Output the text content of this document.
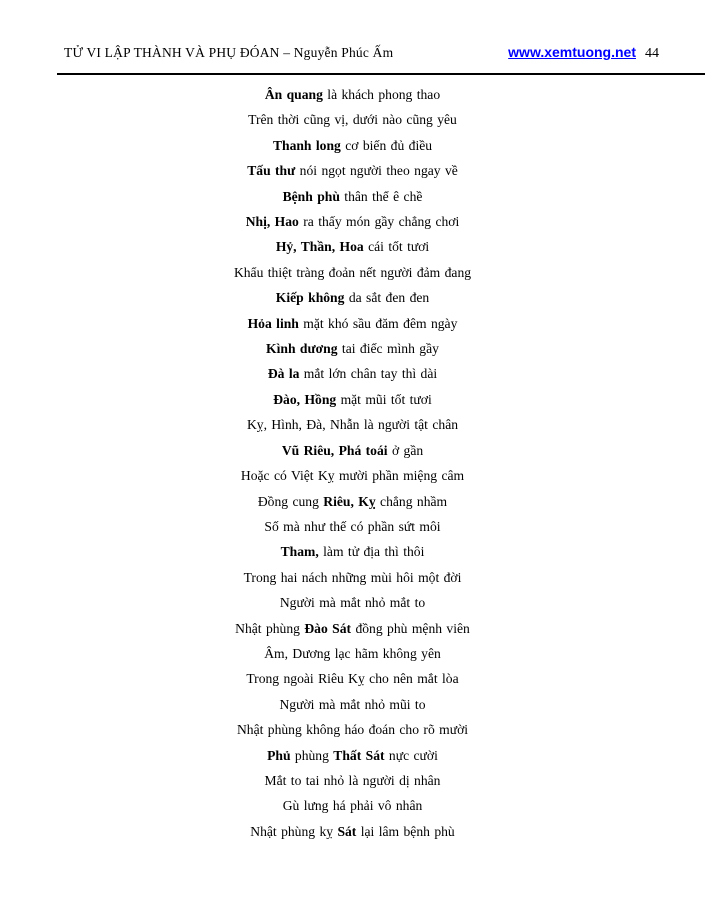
TỬ VI LẬP THÀNH VÀ PHỤ ĐÓAN – Nguyễn Phúc Ấm	www.xemtuong.net 44
Ân quang là khách phong thao
Trên thời cũng vị, dưới nào cũng yêu
Thanh long cơ biến đủ điều
Tấu thư nói ngọt người theo ngay về
Bệnh phù thân thể ê chề
Nhị, Hao ra thấy món gầy chẳng chơi
Hỷ, Thần, Hoa cái tốt tươi
Khẩu thiệt tràng đoản nết người đảm đang
Kiếp không da sắt đen đen
Hỏa linh mặt khó sầu đăm đêm ngày
Kình dương tai điếc mình gầy
Đà la mắt lớn chân tay thì dài
Đào, Hồng mặt mũi tốt tươi
Kỵ, Hình, Đà, Nhẫn là người tật chân
Vũ Riêu, Phá toái ở gần
Hoặc có Việt Kỵ mười phần miệng câm
Đồng cung Riêu, Kỵ chẳng nhầm
Số mà như thế có phần sứt môi
Tham, làm tử địa thì thôi
Trong hai nách những mùi hôi một đời
Người mà mắt nhỏ mắt to
Nhật phùng Đào Sát đồng phù mệnh viên
Âm, Dương lạc hãm không yên
Trong ngoài Riêu Kỵ cho nên mắt lòa
Người mà mắt nhỏ mũi to
Nhật phùng không háo đoán cho rõ mười
Phủ phùng Thất Sát nực cười
Mắt to tai nhỏ là người dị nhân
Gù lưng há phải vô nhân
Nhật phùng kỵ Sát lại lâm bệnh phù
